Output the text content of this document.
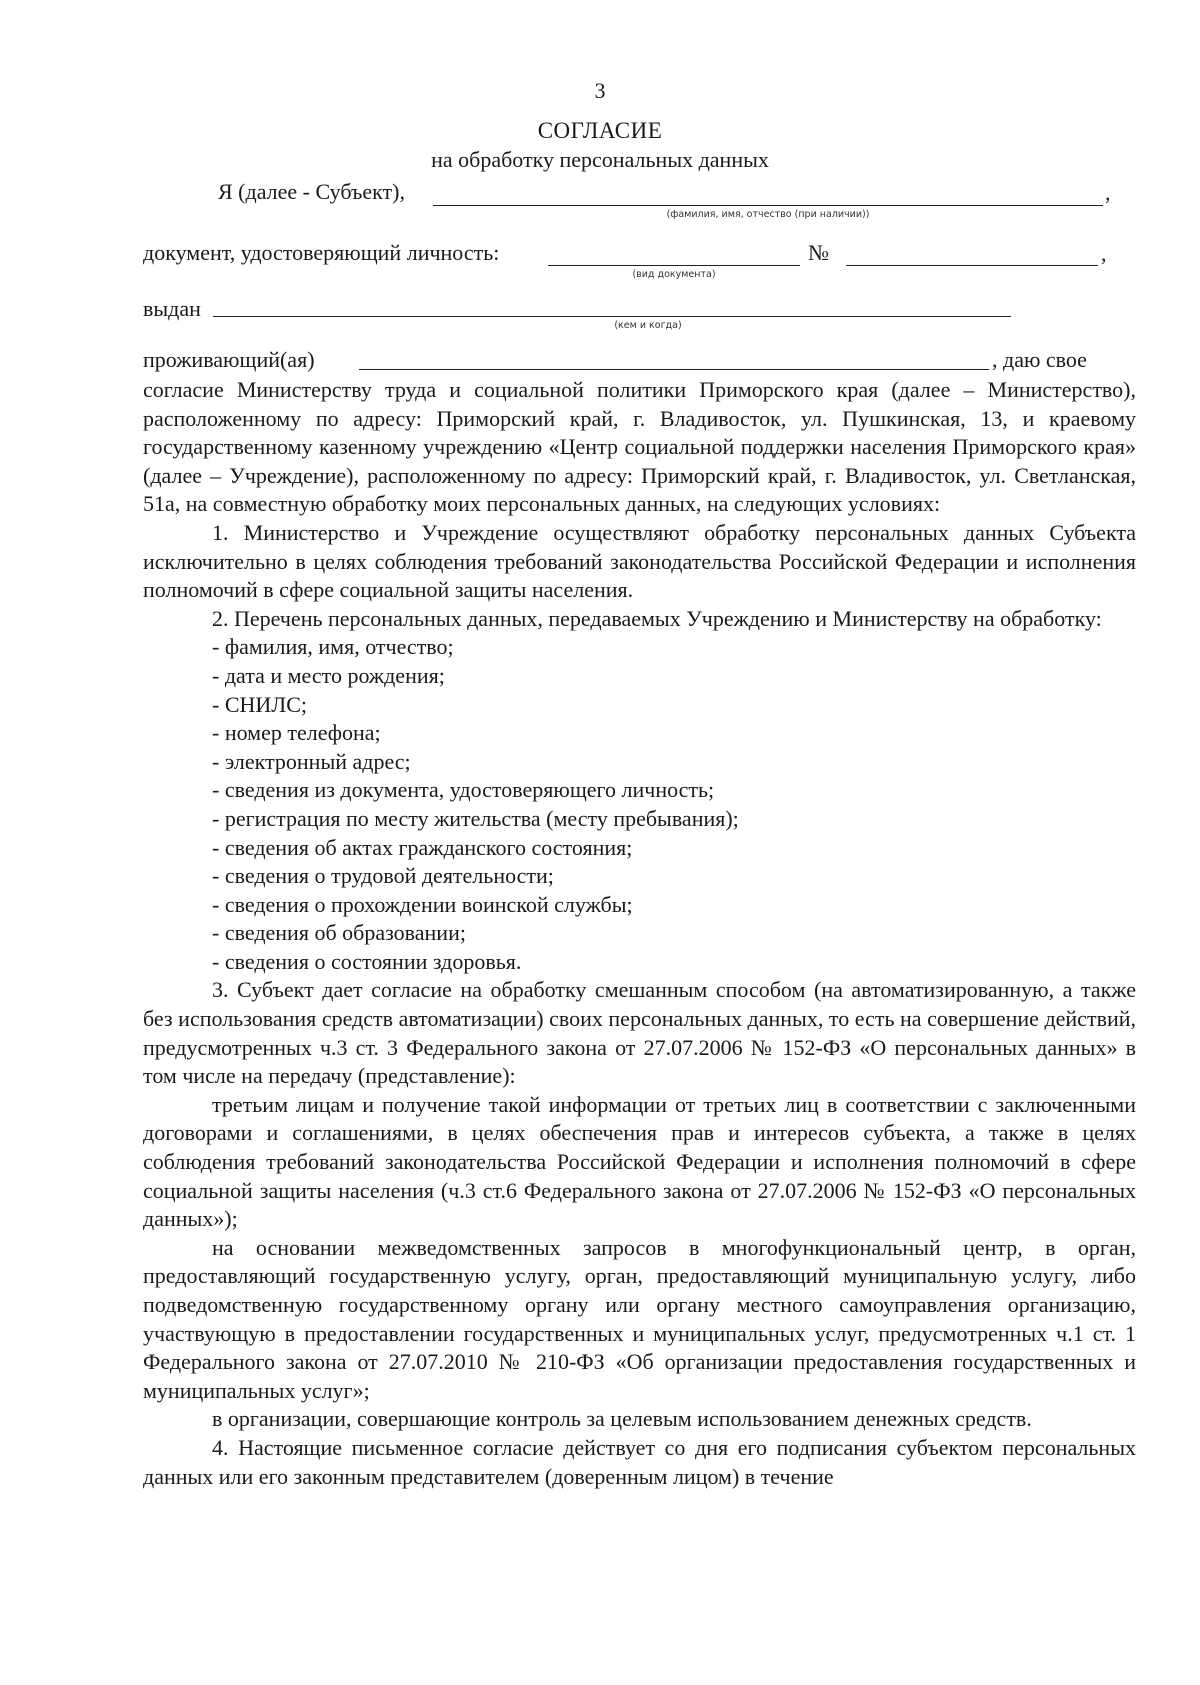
3
СОГЛАСИЕ
на обработку персональных данных
Я (далее - Субъект),	,
(фамилия, имя, отчество (при наличии))
документ, удостоверяющий личность:	№	,
(вид документа)
выдан
(кем и когда)
проживающий(ая)	, даю свое

согласие Министерству труда и социальной политики Приморского края (далее – Министерство), расположенному по адресу: Приморский край, г. Владивосток, ул. Пушкинская, 13, и краевому государственному казенному учреждению «Центр социальной поддержки населения Приморского края» (далее – Учреждение), расположенному по адресу: Приморский край, г. Владивосток, ул. Светланская, 51а, на совместную обработку моих персональных данных, на следующих условиях:

1. Министерство и Учреждение осуществляют обработку персональных данных Субъекта исключительно в целях соблюдения требований законодательства Российской Федерации и исполнения полномочий в сфере социальной защиты населения.

2. Перечень персональных данных, передаваемых Учреждению и Министерству на обработку:

- фамилия, имя, отчество;
- дата и место рождения;
- СНИЛС;
- номер телефона;
- электронный адрес;
- сведения из документа, удостоверяющего личность;
- регистрация по месту жительства (месту пребывания);
- сведения об актах гражданского состояния;
- сведения о трудовой деятельности;
- сведения о прохождении воинской службы;
- сведения об образовании;
- сведения о состоянии здоровья.

3. Субъект дает согласие на обработку смешанным способом (на автоматизированную, а также без использования средств автоматизации) своих персональных данных, то есть на совершение действий, предусмотренных ч.3 ст. 3 Федерального закона от 27.07.2006 № 152-ФЗ «О персональных данных» в том числе на передачу (представление):

третьим лицам и получение такой информации от третьих лиц в соответствии с заключенными договорами и соглашениями, в целях обеспечения прав и интересов субъекта, а также в целях соблюдения требований законодательства Российской Федерации и исполнения полномочий в сфере социальной защиты населения (ч.3 ст.6 Федерального закона от 27.07.2006 № 152-ФЗ «О персональных данных»);

на основании межведомственных запросов в многофункциональный центр, в орган, предоставляющий государственную услугу, орган, предоставляющий муниципальную услугу, либо подведомственную государственному органу или органу местного самоуправления организацию, участвующую в предоставлении государственных и муниципальных услуг, предусмотренных ч.1 ст. 1 Федерального закона от 27.07.2010 № 210-ФЗ «Об организации предоставления государственных и муниципальных услуг»;

в организации, совершающие контроль за целевым использованием денежных средств.

4. Настоящие письменное согласие действует со дня его подписания субъектом персональных данных или его законным представителем (доверенным лицом) в течение
